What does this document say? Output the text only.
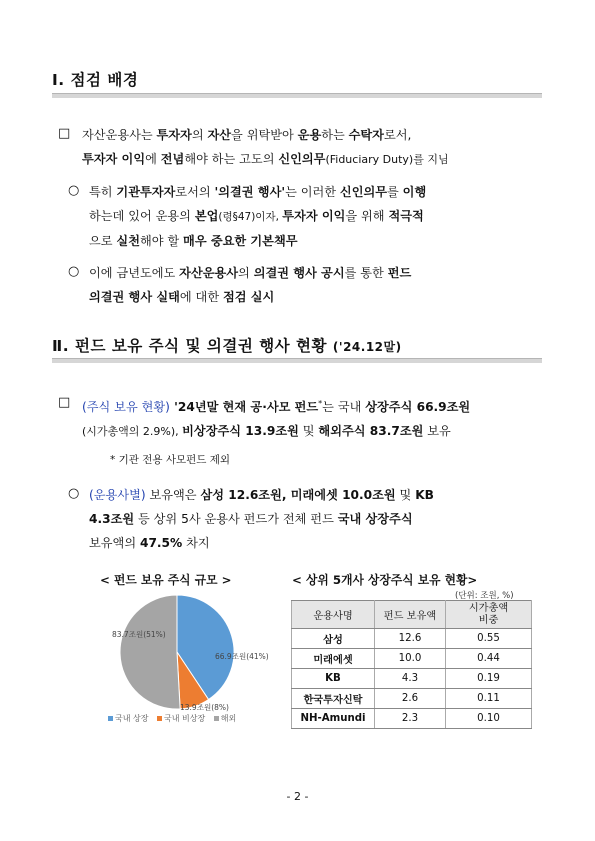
Ⅰ. 점검 배경
□ 자산운용사는 투자자의 자산을 위탁받아 운용하는 수탁자로서,
투자자 이익에 전념해야 하는 고도의 신인의무(Fiduciary Duty)를 지님
○ 특히 기관투자자로서의 '의결권 행사'는 이러한 신인의무를 이행
하는데 있어 운용의 본업(령§47)이자, 투자자 이익을 위해 적극적
으로 실천해야 할 매우 중요한 기본책무
○ 이에 금년도에도 자산운용사의 의결권 행사 공시를 통한 펀드
의결권 행사 실태에 대한 점검 실시
Ⅱ. 펀드 보유 주식 및 의결권 행사 현황 ('24.12말)
□ (주식 보유 현황) '24년말 현재 공·사모 펀드*는 국내 상장주식 66.9조원
(시가총액의 2.9%), 비상장주식 13.9조원 및 해외주식 83.7조원 보유
* 기관 전용 사모펀드 제외
○ (운용사별) 보유액은 삼성 12.6조원, 미래에셋 10.0조원 및 KB
4.3조원 등 상위 5사 운용사 펀드가 전체 펀드 국내 상장주식
보유액의 47.5% 차지
< 펀드 보유 주식 규모 >	< 상위 5개사 상장주식 보유 현황>
66.9조원(41%)
13.9조원(8%)
83.7조원(51%)
국내 상장 국내 비상장 해외
(단위: 조원, %)
운용사명	펀드 보유액	시가총액
비중
삼성	12.6	0.55
미래에셋	10.0	0.44
KB	4.3	0.19
한국투자신탁	2.6	0.11
NH-Amundi	2.3	0.10
- 2 -
